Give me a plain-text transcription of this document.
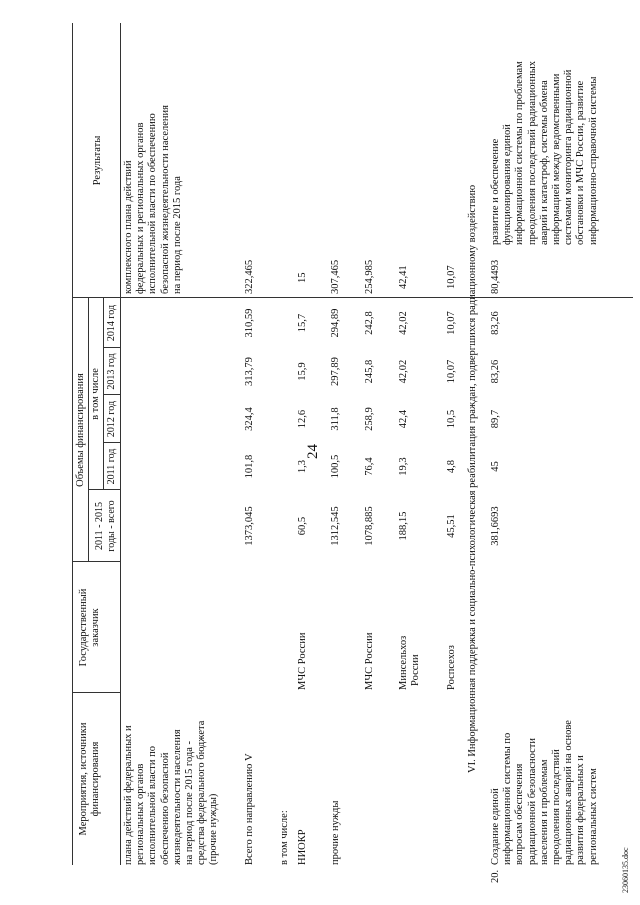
Мероприятия, источники финансирования
Государственный заказчик
Объемы финансирования
2011 - 2015 годы - всего
в том числе
2011 год
2012 год
2013 год
2014 год
Результаты
плана действий федеральных и региональных органов исполнительной власти по обеспечению безопасной жизнедеятельности населения на период после 2015 года - средства федерального бюджета (прочие нужды)
комплексного плана действий федеральных и региональных органов исполнительной власти по обеспечению безопасной жизнедеятельности населения на период после 2015 года
Всего по направлению V
1373,045
101,8
324,4
313,79
310,59
322,465
в том числе: НИОКР
МЧС России
60,5
1,3
12,6
15,9
15,7
15
прочие нужды
1312,545
100,5
311,8
297,89
294,89
307,465
МЧС России
1078,885
76,4
258,9
245,8
242,8
254,985
Минсельхоз России
188,15
19,3
42,4
42,02
42,02
42,41
Роспсехоз
45,51
4,8
10,5
10,07
10,07
10,07 VI. Информационная поддержка и социально-психологическая реабилитация граждан, подвергшихся радиационному воздействию
20.
Создание единой информационной системы по вопросам обеспечения радиационной безопасности населения и проблемам преодоления последствий радиационных аварий на основе развития федеральных и региональных систем
381,6693
45
89,7
83,26
83,26
80,4493
развитие и обеспечение функционирования единой информационной системы по проблемам преодоления последствий радиационных аварий и катастроф, системы обмена информацией между ведомственными системами мониторинга радиационной обстановки и МЧС России, развитие информационно-справочной системы
23060135.doc
24
